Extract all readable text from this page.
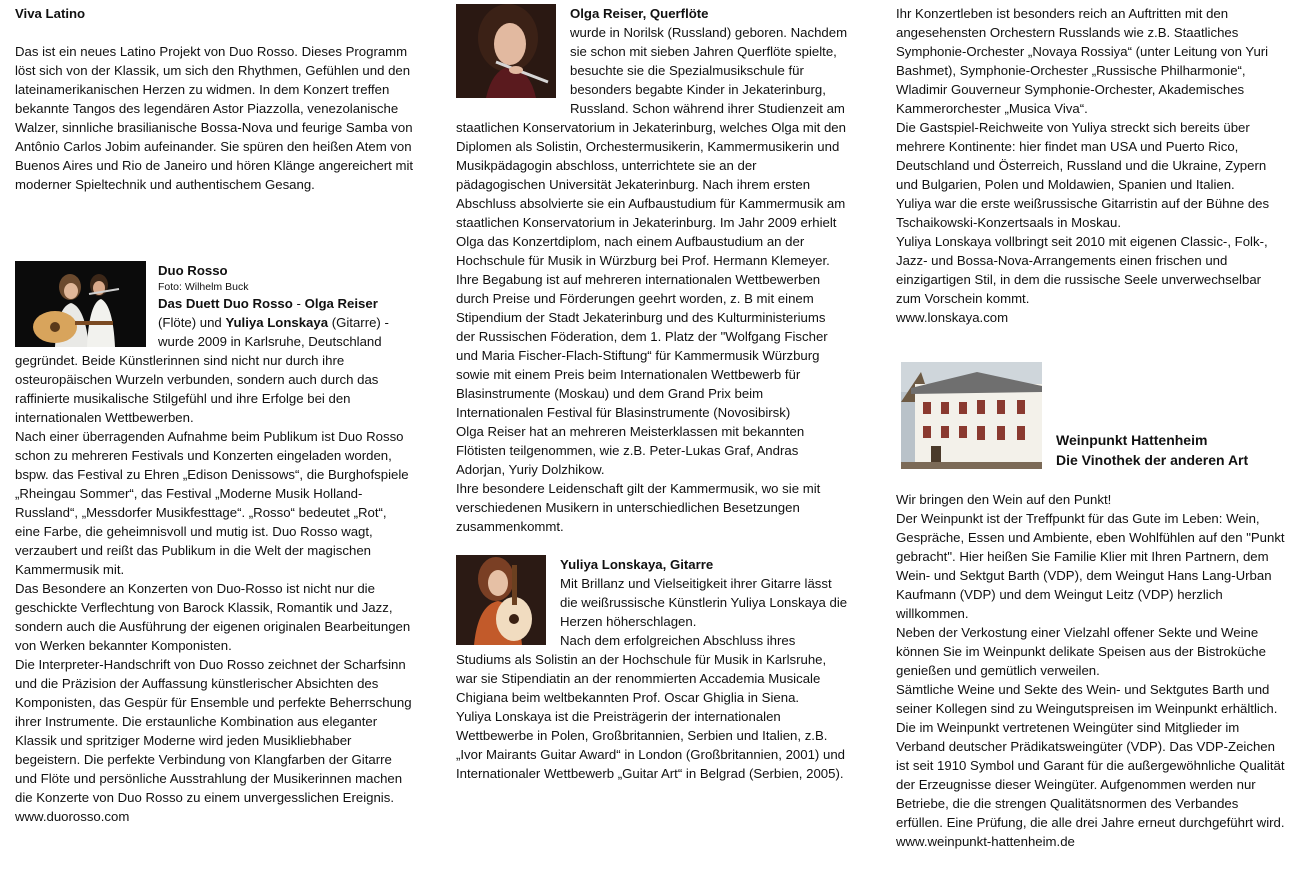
Viva Latino

Das ist ein neues Latino Projekt von Duo Rosso. Dieses Programm löst sich von der Klassik, um sich den Rhythmen, Gefühlen und den lateinamerikanischen Herzen zu widmen. In dem Konzert treffen bekannte Tangos des legendären Astor Piazzolla, venezolanische Walzer, sinnliche brasilianische Bossa-Nova und feurige Samba von Antônio Carlos Jobim aufeinander. Sie spüren den heißen Atem von Buenos Aires und Rio de Janeiro und hören Klänge angereichert mit moderner Spieltechnik und authentischem Gesang.

Duo Rosso

Foto: Wilhelm Buck

Das Duett Duo Rosso - Olga Reiser (Flöte) und Yuliya Lonskaya (Gitarre) - wurde 2009 in Karlsruhe, Deutschland gegründet. Beide Künstlerinnen sind nicht nur durch ihre osteuropäischen Wurzeln verbunden, sondern auch durch das raffinierte musikalische Stilgefühl und ihre Erfolge bei den internationalen Wettbewerben.

Nach einer überragenden Aufnahme beim Publikum ist Duo Rosso schon zu mehreren Festivals und Konzerten eingeladen worden, bspw. das Festival zu Ehren „Edison Denissows“, die Burghofspiele „Rheingau Sommer“, das Festival „Moderne Musik Holland-Russland“, „Messdorfer Musikfesttage“. „Rosso“ bedeutet „Rot“, eine Farbe, die geheimnisvoll und mutig ist. Duo Rosso wagt, verzaubert und reißt das Publikum in die Welt der magischen Kammermusik mit.

Das Besondere an Konzerten von Duo-Rosso ist nicht nur die geschickte Verflechtung von Barock Klassik, Romantik und Jazz, sondern auch die Ausführung der eigenen originalen Bearbeitungen von Werken bekannter Komponisten.

Die Interpreter-Handschrift von Duo Rosso zeichnet der Scharfsinn und die Präzision der Auffassung künstlerischer Absichten des Komponisten, das Gespür für Ensemble und perfekte Beherrschung ihrer Instrumente. Die erstaunliche Kombination aus eleganter Klassik und spritziger Moderne wird jeden Musikliebhaber begeistern. Die perfekte Verbindung von Klangfarben der Gitarre und Flöte und persönliche Ausstrahlung der Musikerinnen machen die Konzerte von Duo Rosso zu einem unvergesslichen Ereignis.

www.duorosso.com

Olga Reiser, Querflöte

wurde in Norilsk (Russland) geboren. Nachdem sie schon mit sieben Jahren Querflöte spielte, besuchte sie die Spezialmusikschule für besonders begabte Kinder in Jekaterinburg, Russland. Schon während ihrer Studienzeit am staatlichen Konservatorium in Jekaterinburg, welches Olga mit den Diplomen als Solistin, Orchestermusikerin, Kammermusikerin und Musikpädagogin abschloss, unterrichtete sie an der pädagogischen Universität Jekaterinburg. Nach ihrem ersten Abschluss absolvierte sie ein Aufbaustudium für Kammermusik am staatlichen Konservatorium in Jekaterinburg. Im Jahr 2009 erhielt Olga das Konzertdiplom, nach einem Aufbaustudium an der Hochschule für Musik in Würzburg bei Prof. Hermann Klemeyer.

Ihre Begabung ist auf mehreren internationalen Wettbewerben durch Preise und Förderungen geehrt worden, z. B mit einem Stipendium der Stadt Jekaterinburg und des Kulturministeriums der Russischen Föderation, dem 1. Platz der "Wolfgang Fischer und Maria Fischer-Flach-Stiftung“ für Kammermusik Würzburg sowie mit einem Preis beim Internationalen Wettbewerb für Blasinstrumente (Moskau) und dem Grand Prix beim Internationalen Festival für Blasinstrumente (Novosibirsk)

Olga Reiser hat an mehreren Meisterklassen mit bekannten Flötisten teilgenommen, wie z.B. Peter-Lukas Graf, Andras Adorjan, Yuriy Dolzhikow.

Ihre besondere Leidenschaft gilt der Kammermusik, wo sie mit verschiedenen Musikern in unterschiedlichen Besetzungen zusammenkommt.

Yuliya Lonskaya, Gitarre

Mit Brillanz und Vielseitigkeit ihrer Gitarre lässt die weißrussische Künstlerin Yuliya Lonskaya die Herzen höherschlagen.

Nach dem erfolgreichen Abschluss ihres Studiums als Solistin an der Hochschule für Musik in Karlsruhe, war sie Stipendiatin an der renommierten Accademia Musicale Chigiana beim weltbekannten Prof. Oscar Ghiglia in Siena.

Yuliya Lonskaya ist die Preisträgerin der internationalen Wettbewerbe in Polen, Großbritannien, Serbien und Italien, z.B. „Ivor Mairants Guitar Award“ in London (Großbritannien, 2001) und Internationaler Wettbewerb „Guitar Art“ in Belgrad (Serbien, 2005).

Ihr Konzertleben ist besonders reich an Auftritten mit den angesehensten Orchestern Russlands wie z.B. Staatliches Symphonie-Orchester „Novaya Rossiya“ (unter Leitung von Yuri Bashmet), Symphonie-Orchester „Russische Philharmonie“, Wladimir Gouverneur Symphonie-Orchester, Akademisches Kammerorchester „Musica Viva“.

Die Gastspiel-Reichweite von Yuliya streckt sich bereits über mehrere Kontinente: hier findet man USA und Puerto Rico, Deutschland und Österreich, Russland und die Ukraine, Zypern und Bulgarien, Polen und Moldawien, Spanien und Italien.

Yuliya war die erste weißrussische Gitarristin auf der Bühne des Tschaikowski-Konzertsaals in Moskau.

Yuliya Lonskaya vollbringt seit 2010 mit eigenen Classic-, Folk-, Jazz- und Bossa-Nova-Arrangements einen frischen und einzigartigen Stil, in dem die russische Seele unverwechselbar zum Vorschein kommt.

www.lonskaya.com

Weinpunkt Hattenheim

Die Vinothek der anderen Art

Wir bringen den Wein auf den Punkt!

Der Weinpunkt ist der Treffpunkt für das Gute im Leben: Wein, Gespräche, Essen und Ambiente, eben Wohlfühlen auf den "Punkt gebracht". Hier heißen Sie Familie Klier mit Ihren Partnern, dem Wein- und Sektgut Barth (VDP), dem Weingut Hans Lang-Urban Kaufmann (VDP) und dem Weingut Leitz (VDP) herzlich willkommen.

Neben der Verkostung einer Vielzahl offener Sekte und Weine können Sie im Weinpunkt delikate Speisen aus der Bistroküche genießen und gemütlich verweilen.

Sämtliche Weine und Sekte des Wein- und Sektgutes Barth und seiner Kollegen sind zu Weingutspreisen im Weinpunkt erhältlich. Die im Weinpunkt vertretenen Weingüter sind Mitglieder im Verband deutscher Prädikatsweingüter (VDP). Das VDP-Zeichen ist seit 1910 Symbol und Garant für die außergewöhnliche Qualität der Erzeugnisse dieser Weingüter. Aufgenommen werden nur Betriebe, die die strengen Qualitätsnormen des Verbandes erfüllen. Eine Prüfung, die alle drei Jahre erneut durchgeführt wird.

www.weinpunkt-hattenheim.de
